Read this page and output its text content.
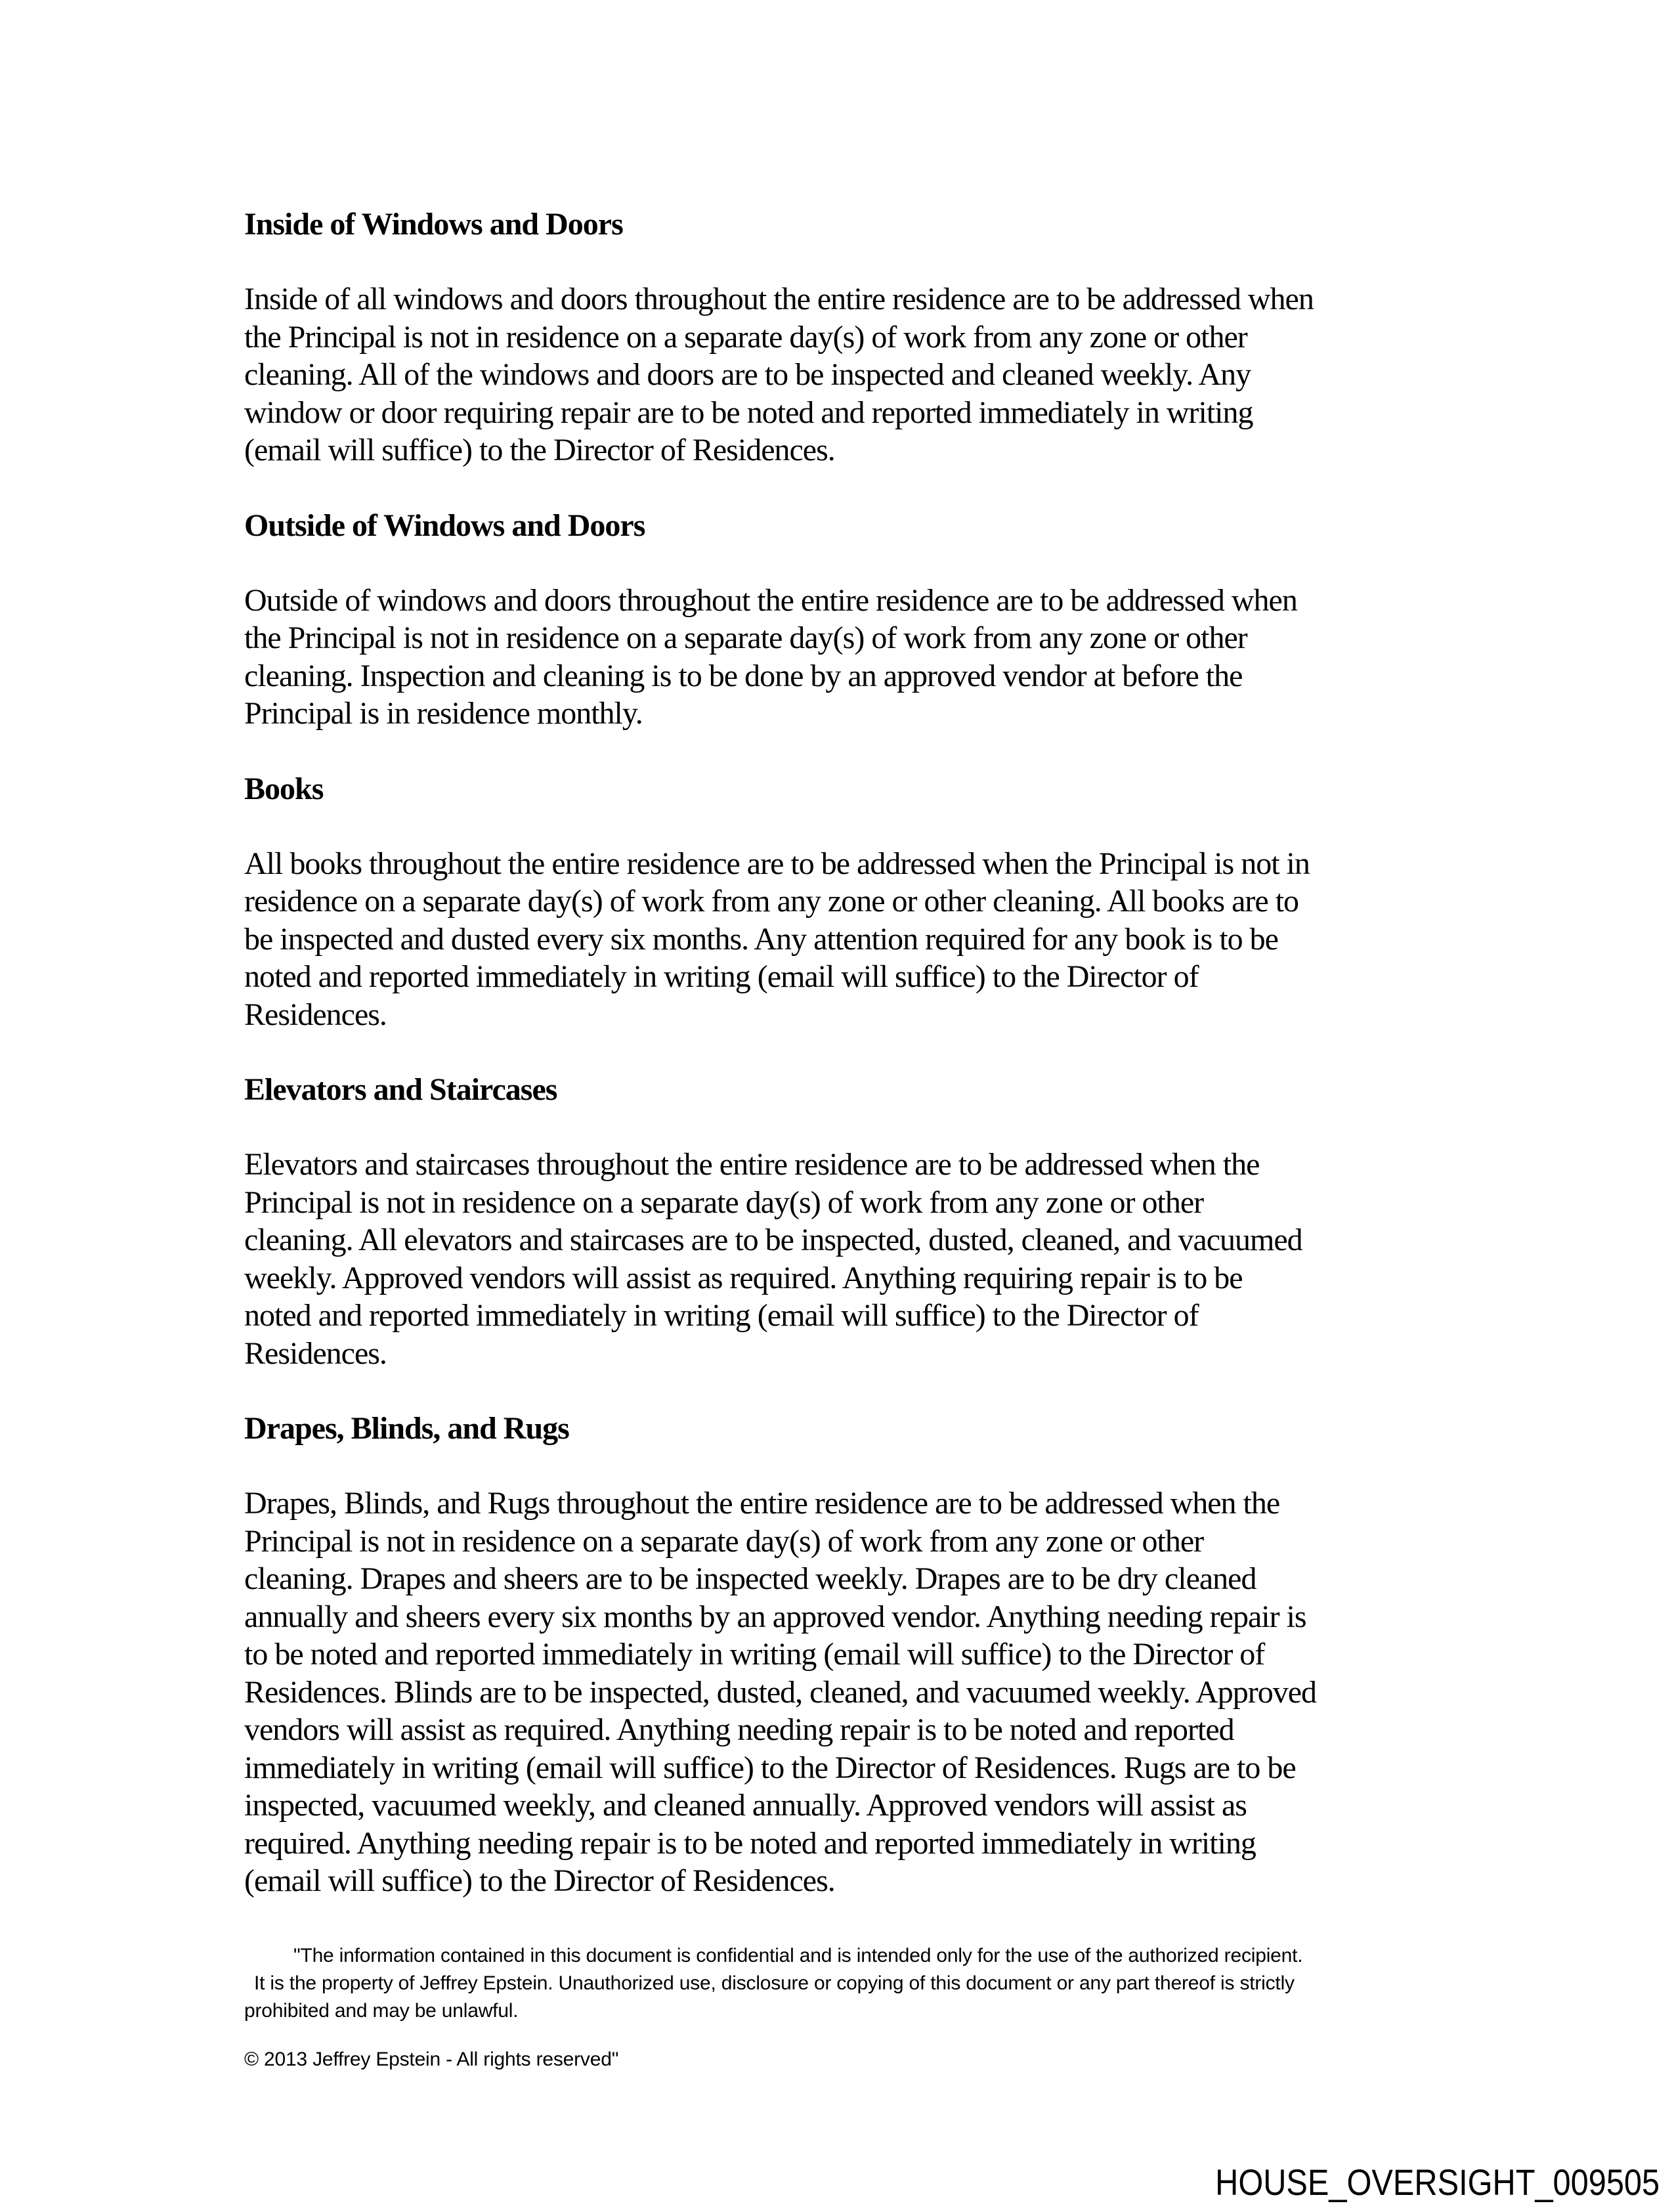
Inside of Windows and Doors
Inside of all windows and doors throughout the entire residence are to be addressed when
the Principal is not in residence on a separate day(s) of work from any zone or other
cleaning. All of the windows and doors are to be inspected and cleaned weekly. Any
window or door requiring repair are to be noted and reported immediately in writing
(email will suffice) to the Director of Residences.
Outside of Windows and Doors
Outside of windows and doors throughout the entire residence are to be addressed when
the Principal is not in residence on a separate day(s) of work from any zone or other
cleaning. Inspection and cleaning is to be done by an approved vendor at before the
Principal is in residence monthly.
Books
All books throughout the entire residence are to be addressed when the Principal is not in
residence on a separate day(s) of work from any zone or other cleaning. All books are to
be inspected and dusted every six months. Any attention required for any book is to be
noted and reported immediately in writing (email will suffice) to the Director of
Residences.
Elevators and Staircases
Elevators and staircases throughout the entire residence are to be addressed when the
Principal is not in residence on a separate day(s) of work from any zone or other
cleaning. All elevators and staircases are to be inspected, dusted, cleaned, and vacuumed
weekly. Approved vendors will assist as required. Anything requiring repair is to be
noted and reported immediately in writing (email will suffice) to the Director of
Residences.
Drapes, Blinds, and Rugs
Drapes, Blinds, and Rugs throughout the entire residence are to be addressed when the
Principal is not in residence on a separate day(s) of work from any zone or other
cleaning. Drapes and sheers are to be inspected weekly. Drapes are to be dry cleaned
annually and sheers every six months by an approved vendor. Anything needing repair is
to be noted and reported immediately in writing (email will suffice) to the Director of
Residences. Blinds are to be inspected, dusted, cleaned, and vacuumed weekly. Approved
vendors will assist as required. Anything needing repair is to be noted and reported
immediately in writing (email will suffice) to the Director of Residences. Rugs are to be
inspected, vacuumed weekly, and cleaned annually. Approved vendors will assist as
required. Anything needing repair is to be noted and reported immediately in writing
(email will suffice) to the Director of Residences.
"The information contained in this document is confidential and is intended only for the use of the authorized recipient.
It is the property of Jeffrey Epstein. Unauthorized use, disclosure or copying of this document or any part thereof is strictly
prohibited and may be unlawful.
© 2013 Jeffrey Epstein - All rights reserved"
HOUSE_OVERSIGHT_009505
